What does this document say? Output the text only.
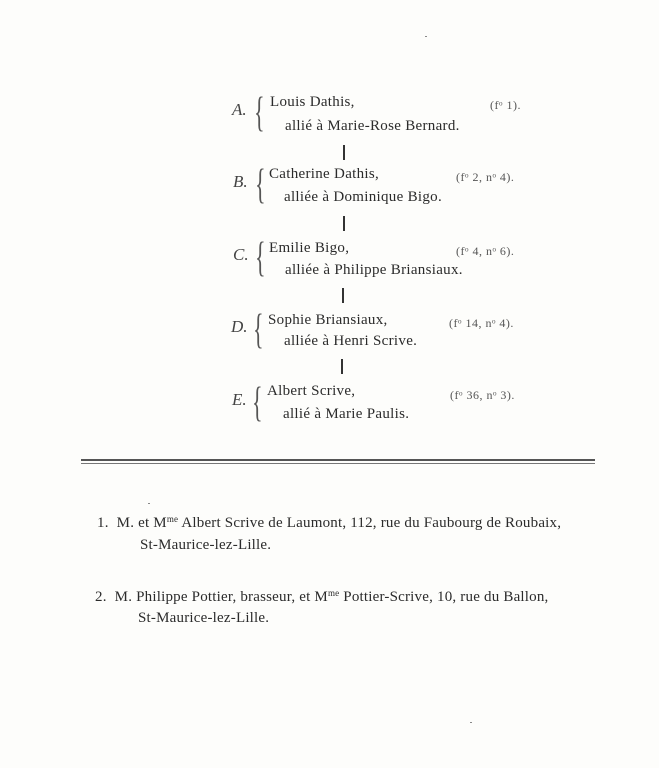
A. { Louis Dathis,
allié à Marie-Rose Bernard.
(fᵒ 1).
B. { Catherine Dathis,
alliée à Dominique Bigo.
(fᵒ 2, nᵒ 4).
C. { Emilie Bigo,
alliée à Philippe Briansiaux.
(fᵒ 4, nᵒ 6).
D. { Sophie Briansiaux,
alliée à Henri Scrive.
(fᵒ 14, nᵒ 4).
E. { Albert Scrive,
allié à Marie Paulis.
(fᵒ 36, nᵒ 3).
1. M. et $M^{me}$ Albert Scrive de Laumont, 112, rue du Faubourg de Roubaix,
St-Maurice-lez-Lille.
2. M. Philippe Pottier, brasseur, et $M^{me}$ Pottier-Scrive, 10, rue du Ballon,
St-Maurice-lez-Lille.
